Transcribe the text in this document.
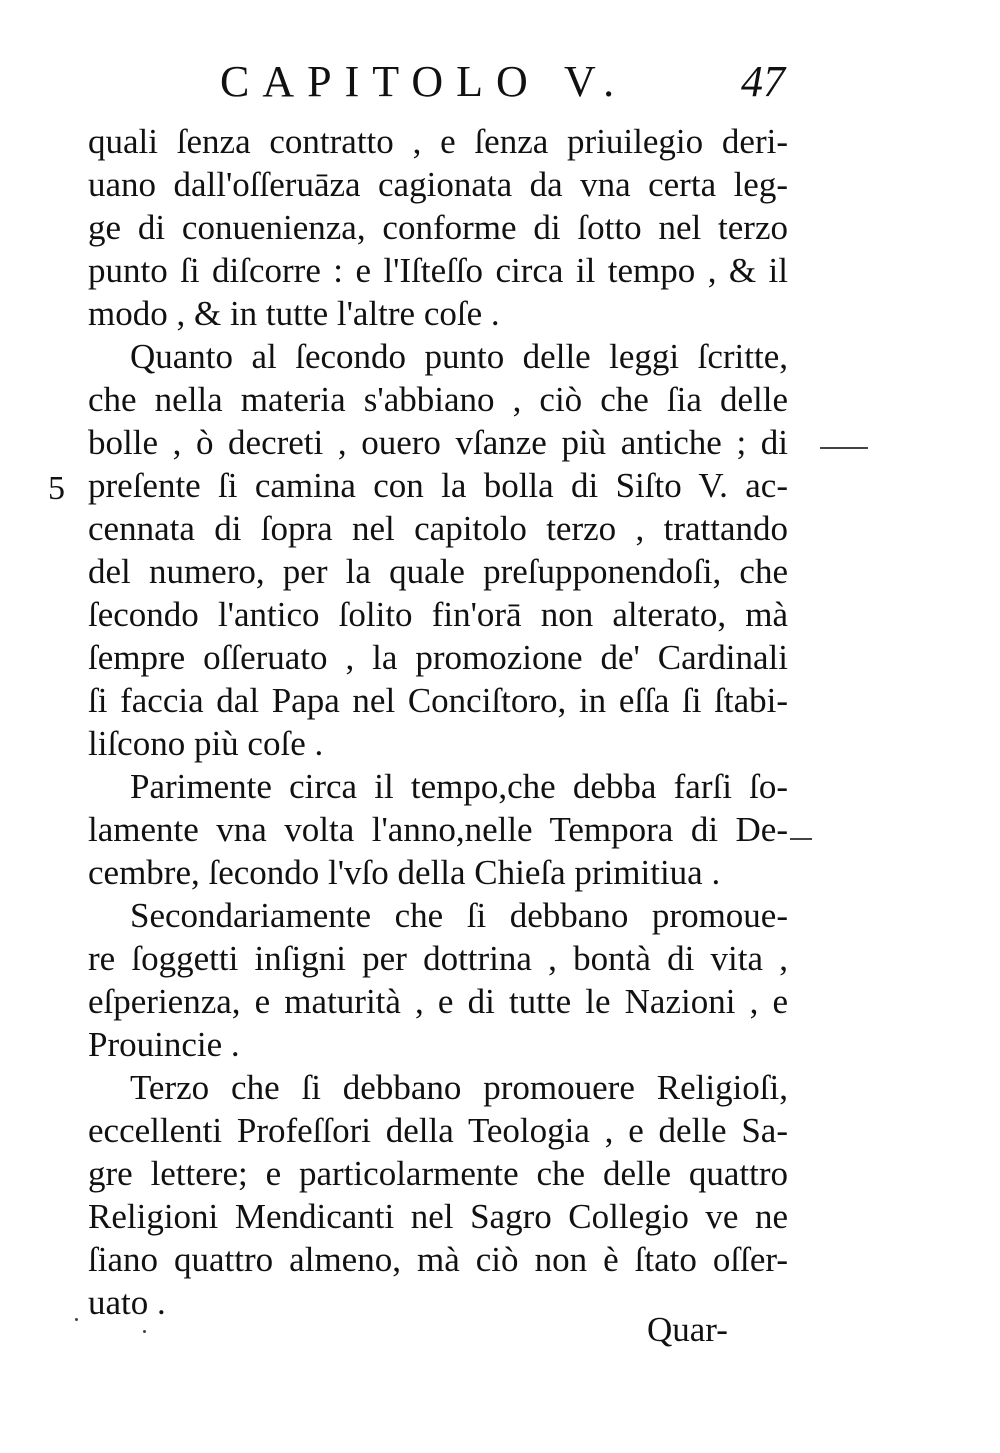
CAPITOLO V.	47
5
quali ſenza contratto , e ſenza priuilegio deri-
uano dall'oſſeruāza cagionata da vna certa leg-
ge di conuenienza, conforme di ſotto nel terzo
punto ſi diſcorre : e l'Iſteſſo circa il tempo , & il
modo , & in tutte l'altre coſe .
Quanto al ſecondo punto delle leggi ſcritte,
che nella materia s'abbiano , ciò che ſia delle
bolle , ò decreti , ouero vſanze più antiche ; di
preſente ſi camina con la bolla di Siſto V. ac-
cennata di ſopra nel capitolo terzo , trattando
del numero, per la quale preſupponendoſi, che
ſecondo l'antico ſolito fin'orā non alterato, mà
ſempre oſſeruato , la promozione de' Cardinali
ſi faccia dal Papa nel Conciſtoro, in eſſa ſi ſtabi-
liſcono più coſe .
Parimente circa il tempo,che debba farſi ſo-
lamente vna volta l'anno,nelle Tempora di De-
cembre, ſecondo l'vſo della Chieſa primitiua .
Secondariamente che ſi debbano promoue-
re ſoggetti inſigni per dottrina , bontà di vita ,
eſperienza, e maturità , e di tutte le Nazioni , e
Prouincie .
Terzo che ſi debbano promouere Religioſi,
eccellenti Profeſſori della Teologia , e delle Sa-
gre lettere; e particolarmente che delle quattro
Religioni Mendicanti nel Sagro Collegio ve ne
ſiano quattro almeno, mà ciò non è ſtato oſſer-
uato .
Quar-
